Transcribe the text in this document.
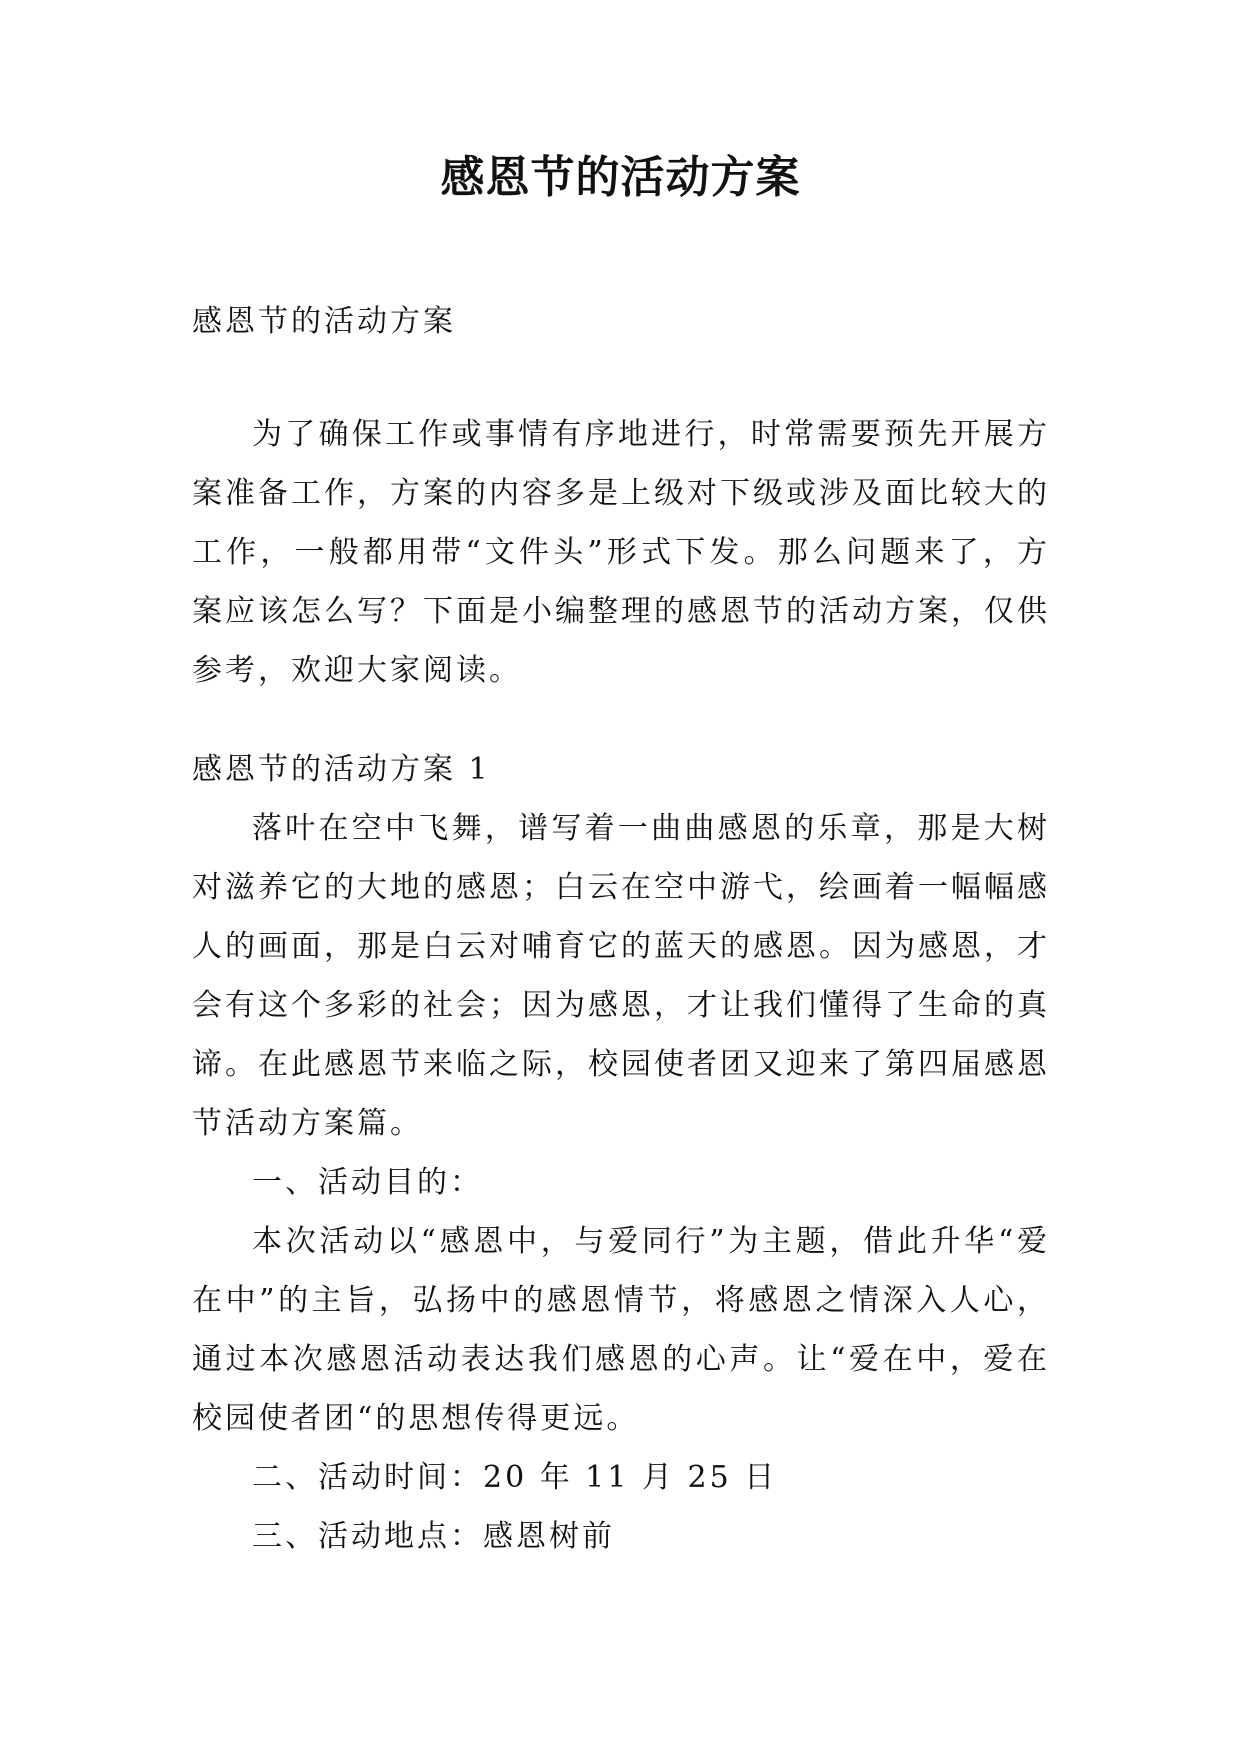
感恩节的活动方案

感恩节的活动方案

为了确保工作或事情有序地进行，时常需要预先开展方案准备工作，方案的内容多是上级对下级或涉及面比较大的工作，一般都用带“文件头”形式下发。那么问题来了，方案应该怎么写？下面是小编整理的感恩节的活动方案，仅供参考，欢迎大家阅读。

感恩节的活动方案 1

落叶在空中飞舞，谱写着一曲曲感恩的乐章，那是大树对滋养它的大地的感恩；白云在空中游弋，绘画着一幅幅感人的画面，那是白云对哺育它的蓝天的感恩。因为感恩，才会有这个多彩的社会；因为感恩，才让我们懂得了生命的真谛。在此感恩节来临之际，校园使者团又迎来了第四届感恩节活动方案篇。

一、活动目的：

本次活动以“感恩中，与爱同行”为主题，借此升华“爱在中”的主旨，弘扬中的感恩情节，将感恩之情深入人心，通过本次感恩活动表达我们感恩的心声。让“爱在中，爱在校园使者团“的思想传得更远。

二、活动时间：20 年 11 月 25 日

三、活动地点：感恩树前
